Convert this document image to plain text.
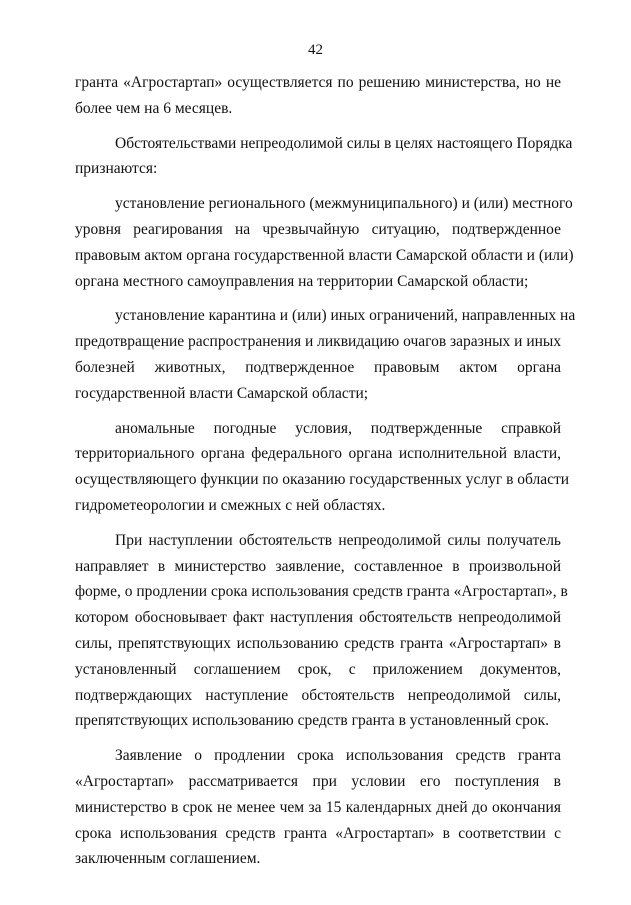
42
гранта «Агростартап» осуществляется по решению министерства, но не
более чем на 6 месяцев.
Обстоятельствами непреодолимой силы в целях настоящего Порядка
признаются:
установление регионального (межмуниципального) и (или) местного
уровня реагирования на чрезвычайную ситуацию, подтвержденное
правовым актом органа государственной власти Самарской области и (или)
органа местного самоуправления на территории Самарской области;
установление карантина и (или) иных ограничений, направленных на
предотвращение распространения и ликвидацию очагов заразных и иных
болезней животных, подтвержденное правовым актом органа
государственной власти Самарской области;
аномальные погодные условия, подтвержденные справкой
территориального органа федерального органа исполнительной власти,
осуществляющего функции по оказанию государственных услуг в области
гидрометеорологии и смежных с ней областях.
При наступлении обстоятельств непреодолимой силы получатель
направляет в министерство заявление, составленное в произвольной
форме, о продлении срока использования средств гранта «Агростартап», в
котором обосновывает факт наступления обстоятельств непреодолимой
силы, препятствующих использованию средств гранта «Агростартап» в
установленный соглашением срок, с приложением документов,
подтверждающих наступление обстоятельств непреодолимой силы,
препятствующих использованию средств гранта в установленный срок.
Заявление о продлении срока использования средств гранта
«Агростартап» рассматривается при условии его поступления в
министерство в срок не менее чем за 15 календарных дней до окончания
срока использования средств гранта «Агростартап» в соответствии с
заключенным соглашением.
